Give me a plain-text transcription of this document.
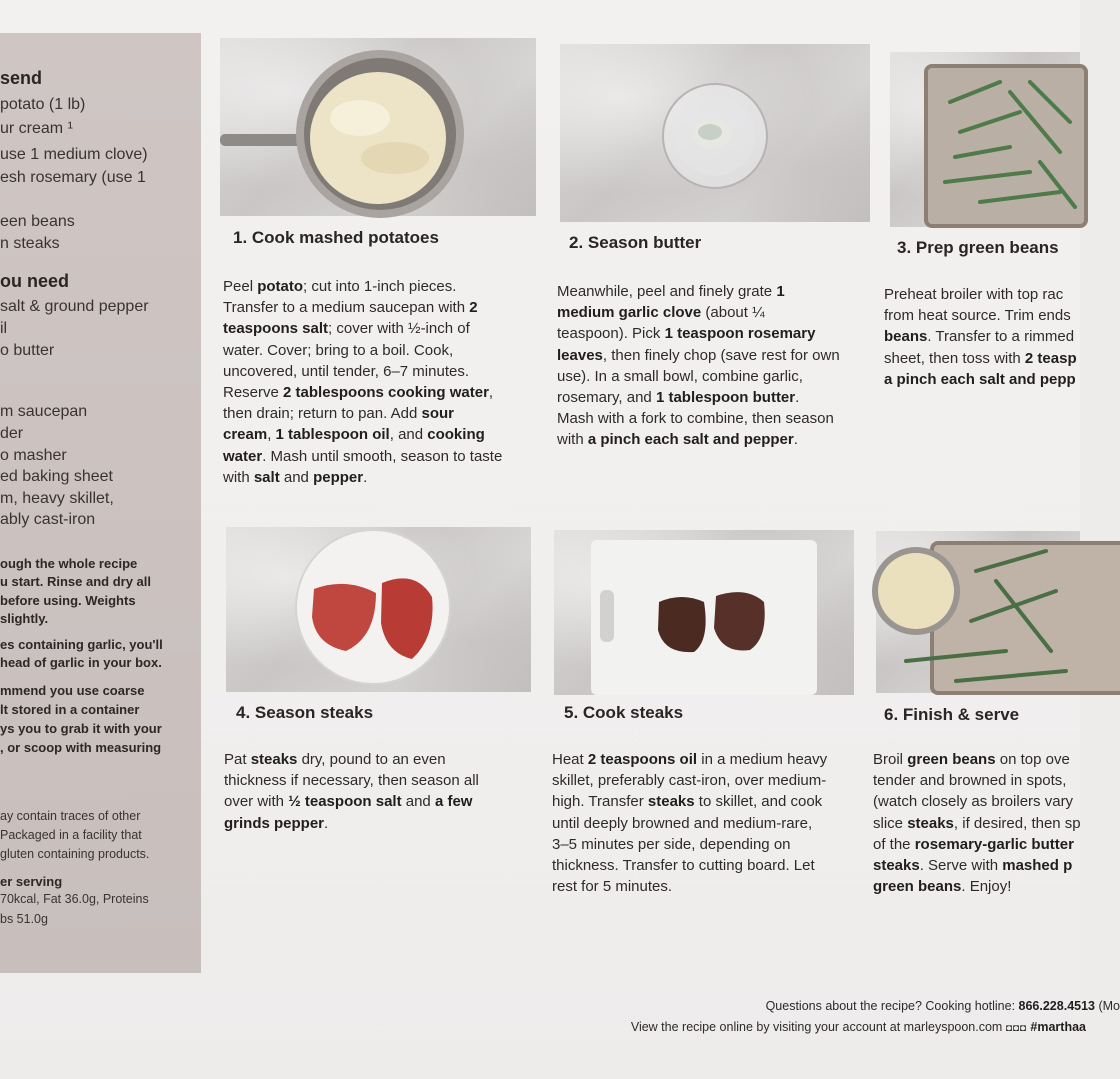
send
potato (1 lb)
ur cream ¹
use 1 medium clove)
esh rosemary (use 1
een beans
n steaks
ou need
salt & ground pepper
il
o butter
m saucepan
der
o masher
ed baking sheet
m, heavy skillet,
ably cast-iron
ough the whole recipe
u start. Rinse and dry all
before using. Weights
slightly.
es containing garlic, you'll
head of garlic in your box.
mmend you use coarse
lt stored in a container
ys you to grab it with your
, or scoop with measuring
ay contain traces of other
Packaged in a facility that
gluten containing products.
er serving
70kcal, Fat 36.0g, Proteins
bs 51.0g
1. Cook mashed potatoes
Peel potato; cut into 1-inch pieces.
Transfer to a medium saucepan with 2
teaspoons salt; cover with ½-inch of
water. Cover; bring to a boil. Cook,
uncovered, until tender, 6–7 minutes.
Reserve 2 tablespoons cooking water,
then drain; return to pan. Add sour
cream, 1 tablespoon oil, and cooking
water. Mash until smooth, season to taste
with salt and pepper.
2. Season butter
Meanwhile, peel and finely grate 1
medium garlic clove (about ¼
teaspoon). Pick 1 teaspoon rosemary
leaves, then finely chop (save rest for own
use). In a small bowl, combine garlic,
rosemary, and 1 tablespoon butter.
Mash with a fork to combine, then season
with a pinch each salt and pepper.
3. Prep green beans
Preheat broiler with top rac
from heat source. Trim ends
beans. Transfer to a rimmed
sheet, then toss with 2 teasp
a pinch each salt and pepp
4. Season steaks
Pat steaks dry, pound to an even
thickness if necessary, then season all
over with ½ teaspoon salt and a few
grinds pepper.
5. Cook steaks
Heat 2 teaspoons oil in a medium heavy
skillet, preferably cast-iron, over medium-
high. Transfer steaks to skillet, and cook
until deeply browned and medium-rare,
3–5 minutes per side, depending on
thickness. Transfer to cutting board. Let
rest for 5 minutes.
6. Finish & serve
Broil green beans on top ove
tender and browned in spots,
(watch closely as broilers vary
slice steaks, if desired, then sp
of the rosemary-garlic butter
steaks. Serve with mashed p
green beans. Enjoy!
Questions about the recipe? Cooking hotline: 866.228.4513 (Mo
View the recipe online by visiting your account at marleyspoon.com ◘◘◘ #marthaa
